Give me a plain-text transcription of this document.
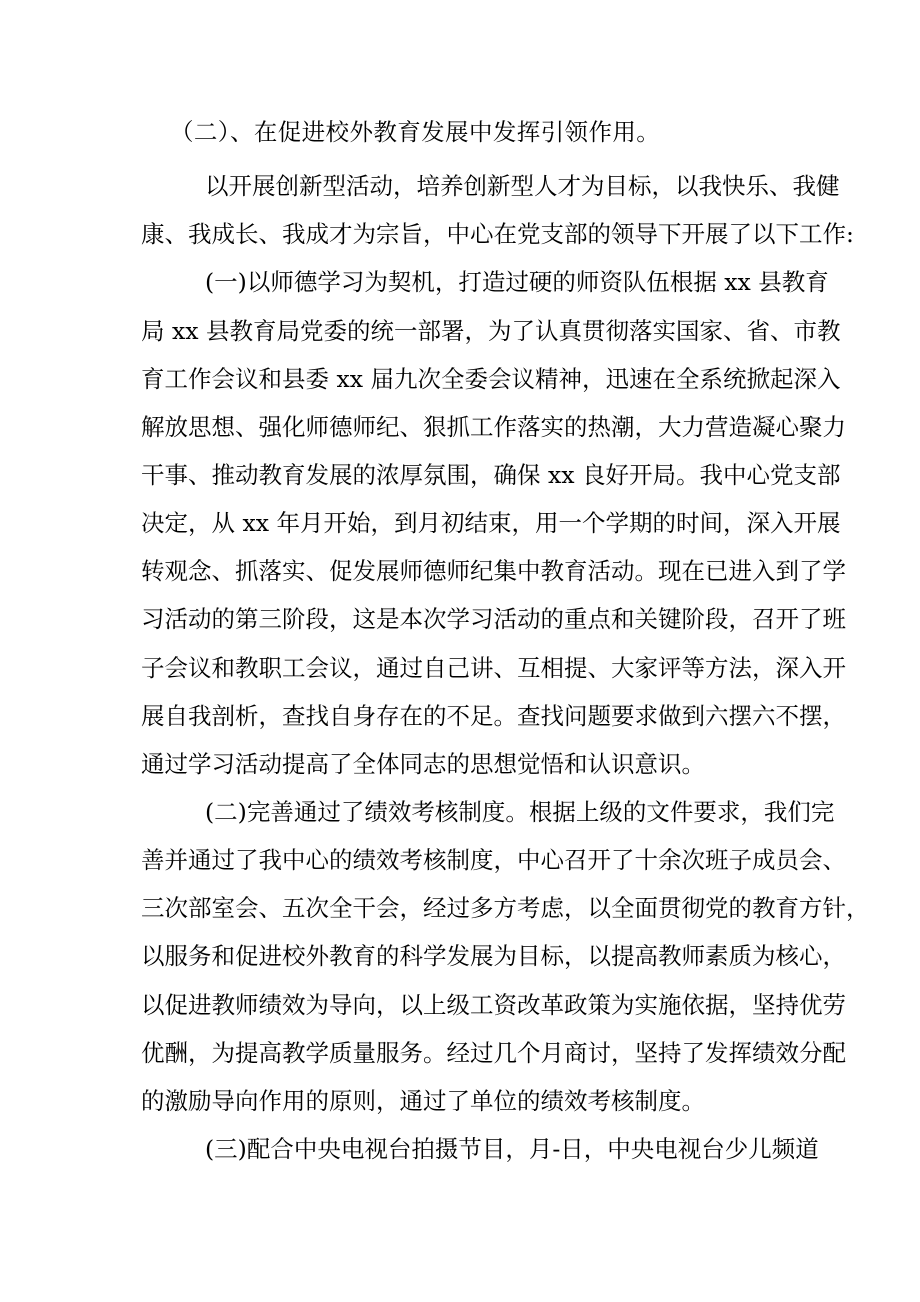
（二）、在促进校外教育发展中发挥引领作用。
以开展创新型活动，培养创新型人才为目标，以我快乐、我健
康、我成长、我成才为宗旨，中心在党支部的领导下开展了以下工作:
(一)以师德学习为契机，打造过硬的师资队伍根据 xx 县教育
局 xx 县教育局党委的统一部署，为了认真贯彻落实国家、省、市教
育工作会议和县委 xx 届九次全委会议精神，迅速在全系统掀起深入
解放思想、强化师德师纪、狠抓工作落实的热潮，大力营造凝心聚力
干事、推动教育发展的浓厚氛围，确保 xx 良好开局。我中心党支部
决定，从 xx 年月开始，到月初结束，用一个学期的时间，深入开展
转观念、抓落实、促发展师德师纪集中教育活动。现在已进入到了学
习活动的第三阶段，这是本次学习活动的重点和关键阶段，召开了班
子会议和教职工会议，通过自己讲、互相提、大家评等方法，深入开
展自我剖析，查找自身存在的不足。查找问题要求做到六摆六不摆，
通过学习活动提高了全体同志的思想觉悟和认识意识。
(二)完善通过了绩效考核制度。根据上级的文件要求，我们完
善并通过了我中心的绩效考核制度，中心召开了十余次班子成员会、
三次部室会、五次全干会，经过多方考虑，以全面贯彻党的教育方针，
以服务和促进校外教育的科学发展为目标，以提高教师素质为核心，
以促进教师绩效为导向，以上级工资改革政策为实施依据，坚持优劳
优酬，为提高教学质量服务。经过几个月商讨，坚持了发挥绩效分配
的激励导向作用的原则，通过了单位的绩效考核制度。
(三)配合中央电视台拍摄节目，月-日，中央电视台少儿频道
